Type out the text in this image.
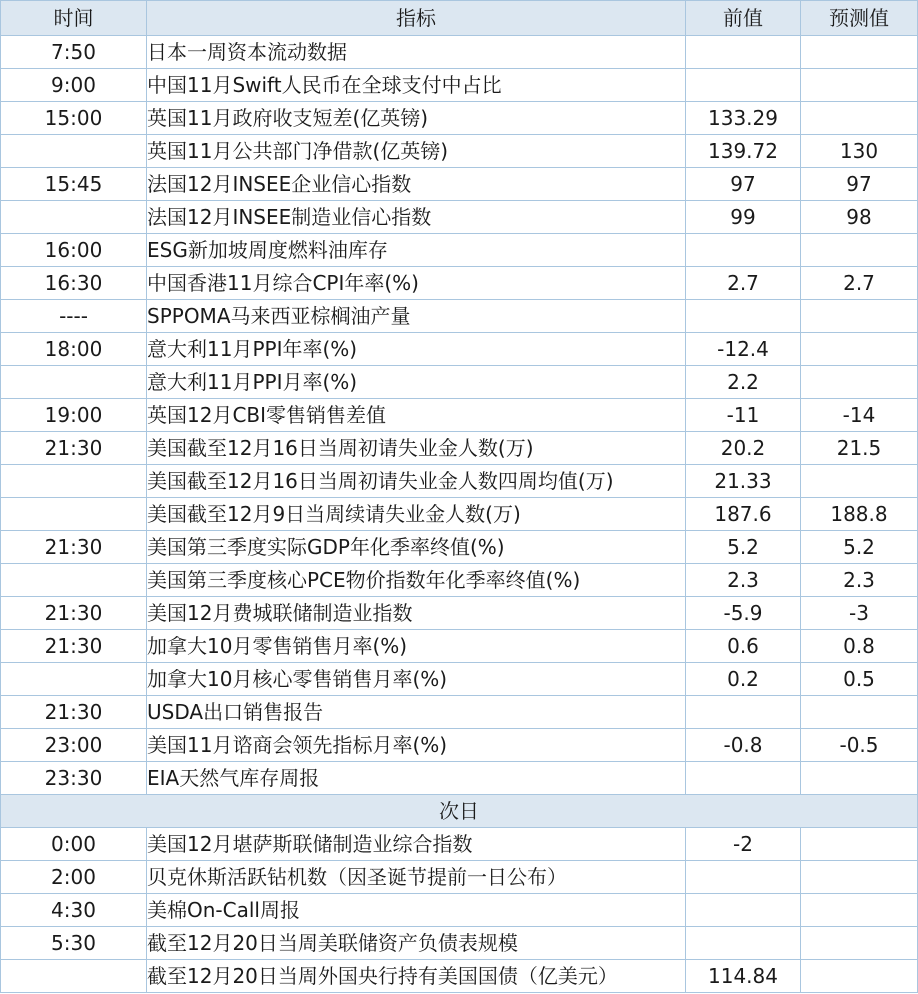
时间	指标	前值	预测值
7:50	日本一周资本流动数据		
9:00	中国11月Swift人民币在全球支付中占比		
15:00	英国11月政府收支短差(亿英镑)	133.29	
	英国11月公共部门净借款(亿英镑)	139.72	130
15:45	法国12月INSEE企业信心指数	97	97
	法国12月INSEE制造业信心指数	99	98
16:00	ESG新加坡周度燃料油库存		
16:30	中国香港11月综合CPI年率(%)	2.7	2.7
----	SPPOMA马来西亚棕榈油产量		
18:00	意大利11月PPI年率(%)	-12.4	
	意大利11月PPI月率(%)	2.2	
19:00	英国12月CBI零售销售差值	-11	-14
21:30	美国截至12月16日当周初请失业金人数(万)	20.2	21.5
	美国截至12月16日当周初请失业金人数四周均值(万)	21.33	
	美国截至12月9日当周续请失业金人数(万)	187.6	188.8
21:30	美国第三季度实际GDP年化季率终值(%)	5.2	5.2
	美国第三季度核心PCE物价指数年化季率终值(%)	2.3	2.3
21:30	美国12月费城联储制造业指数	-5.9	-3
21:30	加拿大10月零售销售月率(%)	0.6	0.8
	加拿大10月核心零售销售月率(%)	0.2	0.5
21:30	USDA出口销售报告		
23:00	美国11月谘商会领先指标月率(%)	-0.8	-0.5
23:30	EIA天然气库存周报		
次日			
0:00	美国12月堪萨斯联储制造业综合指数	-2	
2:00	贝克休斯活跃钻机数（因圣诞节提前一日公布）		
4:30	美棉On-Call周报		
5:30	截至12月20日当周美联储资产负债表规模		
	截至12月20日当周外国央行持有美国国债（亿美元）	114.84	
